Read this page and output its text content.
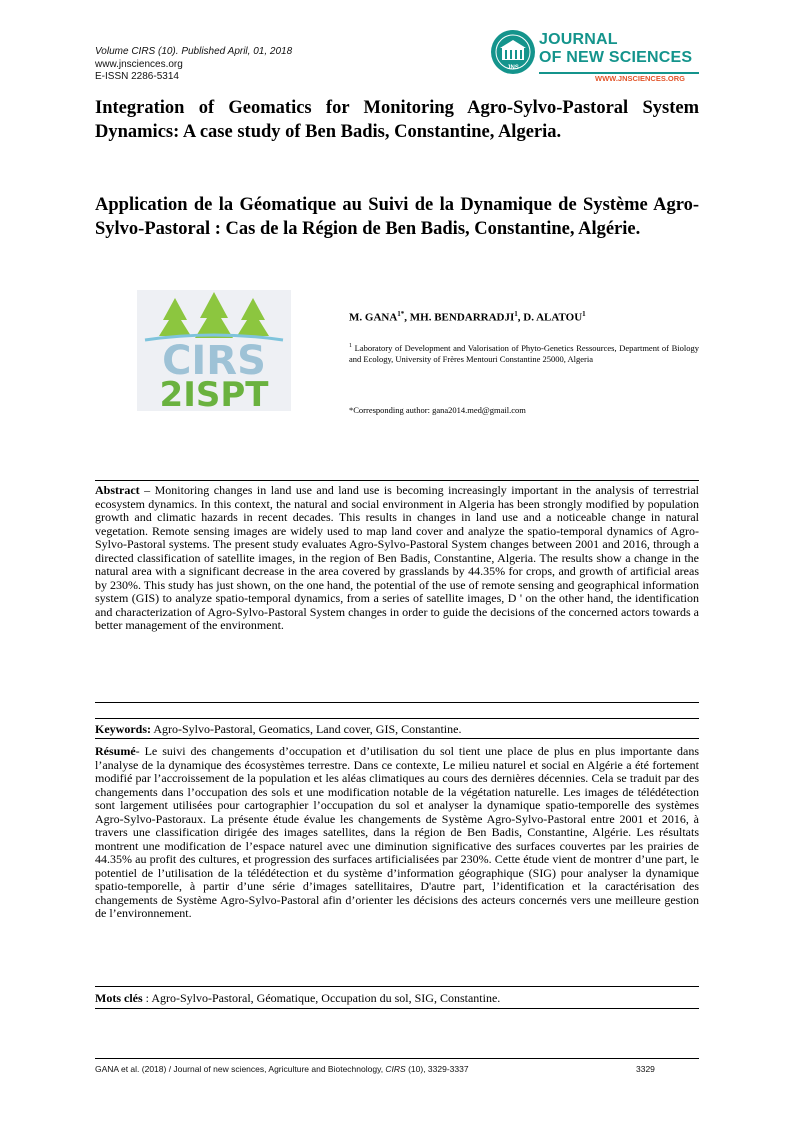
Volume CIRS (10). Published April, 01, 2018
www.jnsciences.org
E-ISSN 2286-5314
JNS
JOURNAL
OF NEW SCIENCES
WWW.JNSCIENCES.ORG
Integration of Geomatics for Monitoring Agro-Sylvo-Pastoral System Dynamics: A case study of Ben Badis, Constantine, Algeria.
Application de la Géomatique au Suivi de la Dynamique de Système Agro-Sylvo-Pastoral : Cas de la Région de Ben Badis, Constantine, Algérie.
CIRS
2ISPT

M. $GANA^{1*}$, MH. BENDARRADJI$^1$, D. ALATOU$^1$

$^1$ Laboratory of Development and Valorisation of Phyto-Genetics Ressources, Department of Biology and Ecology, University of Frères Mentouri Constantine 25000, Algeria

*Corresponding author: gana2014.med@gmail.com

Abstract – Monitoring changes in land use and land use is becoming increasingly important in the analysis of terrestrial ecosystem dynamics. In this context, the natural and social environment in Algeria has been strongly modified by population growth and climatic hazards in recent decades. This results in changes in land use and a noticeable change in natural vegetation. Remote sensing images are widely used to map land cover and analyze the spatio-temporal dynamics of Agro-Sylvo-Pastoral systems. The present study evaluates Agro-Sylvo-Pastoral System changes between 2001 and 2016, through a directed classification of satellite images, in the region of Ben Badis, Constantine, Algeria. The results show a change in the natural area with a significant decrease in the area covered by grasslands by 44.35% for crops, and growth of artificial areas by 230%. This study has just shown, on the one hand, the potential of the use of remote sensing and geographical information system (GIS) to analyze spatio-temporal dynamics, from a series of satellite images, D ' on the other hand, the identification and characterization of Agro-Sylvo-Pastoral System changes in order to guide the decisions of the concerned actors towards a better management of the environment.

Keywords: Agro-Sylvo-Pastoral, Geomatics, Land cover, GIS, Constantine.

Résumé- Le suivi des changements d’occupation et d’utilisation du sol tient une place de plus en plus importante dans l’analyse de la dynamique des écosystèmes terrestre. Dans ce contexte, Le milieu naturel et social en Algérie a été fortement modifié par l’accroissement de la population et les aléas climatiques au cours des dernières décennies. Cela se traduit par des changements dans l’occupation des sols et une modification notable de la végétation naturelle. Les images de télédétection sont largement utilisées pour cartographier l’occupation du sol et analyser la dynamique spatio-temporelle des systèmes Agro-Sylvo-Pastoraux. La présente étude évalue les changements de Système Agro-Sylvo-Pastoral entre 2001 et 2016, à travers une classification dirigée des images satellites, dans la région de Ben Badis, Constantine, Algérie. Les résultats montrent une modification de l’espace naturel avec une diminution significative des surfaces couvertes par les prairies de 44.35% au profit des cultures, et progression des surfaces artificialisées par 230%. Cette étude vient de montrer d’une part, le potentiel de l’utilisation de la télédétection et du système d’information géographique (SIG) pour analyser la dynamique spatio-temporelle, à partir d’une série d’images satellitaires, D'autre part, l’identification et la caractérisation des changements de Système Agro-Sylvo-Pastoral afin d’orienter les décisions des acteurs concernés vers une meilleure gestion de l’environnement.

Mots clés : Agro-Sylvo-Pastoral, Géomatique, Occupation du sol, SIG, Constantine.

GANA et al. (2018) / Journal of new sciences, Agriculture and Biotechnology, CIRS (10), 3329-3337	3329
